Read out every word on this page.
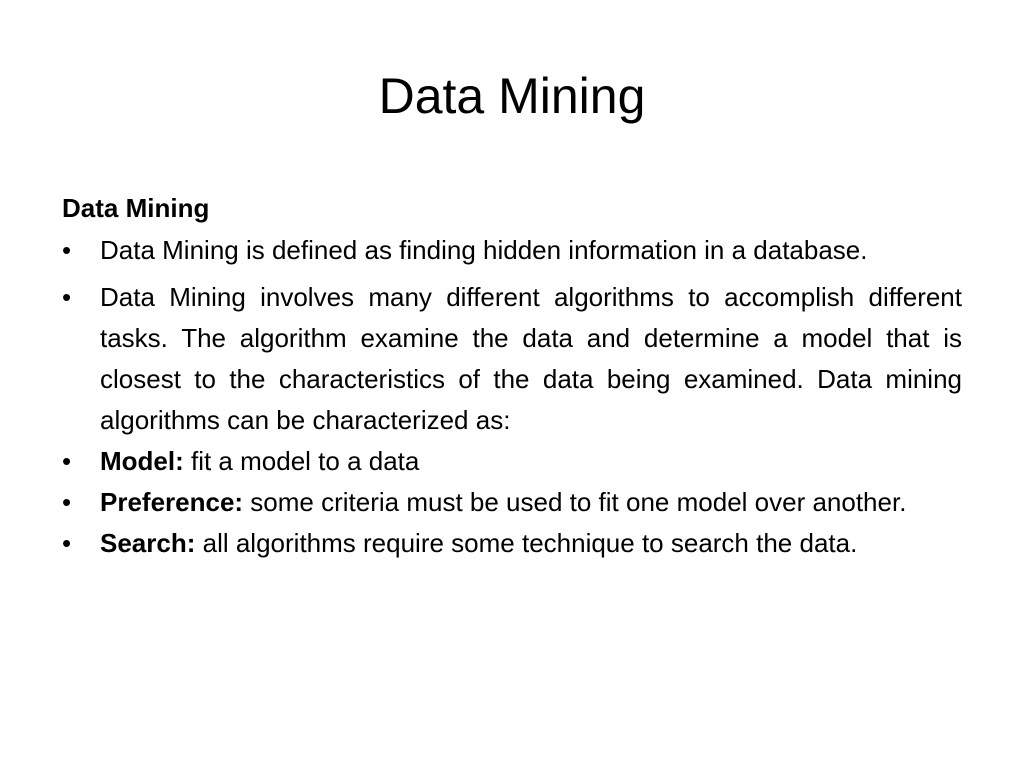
Data Mining
Data Mining
•	Data Mining is defined as finding hidden information in a database.
•	Data Mining involves many different algorithms to accomplish different tasks. The algorithm examine the data and determine a model that is closest to the characteristics of the data being examined. Data mining algorithms can be characterized as:
•	Model: fit a model to a data
•	Preference: some criteria must be used to fit one model over another.
•	Search: all algorithms require some technique to search the data.
